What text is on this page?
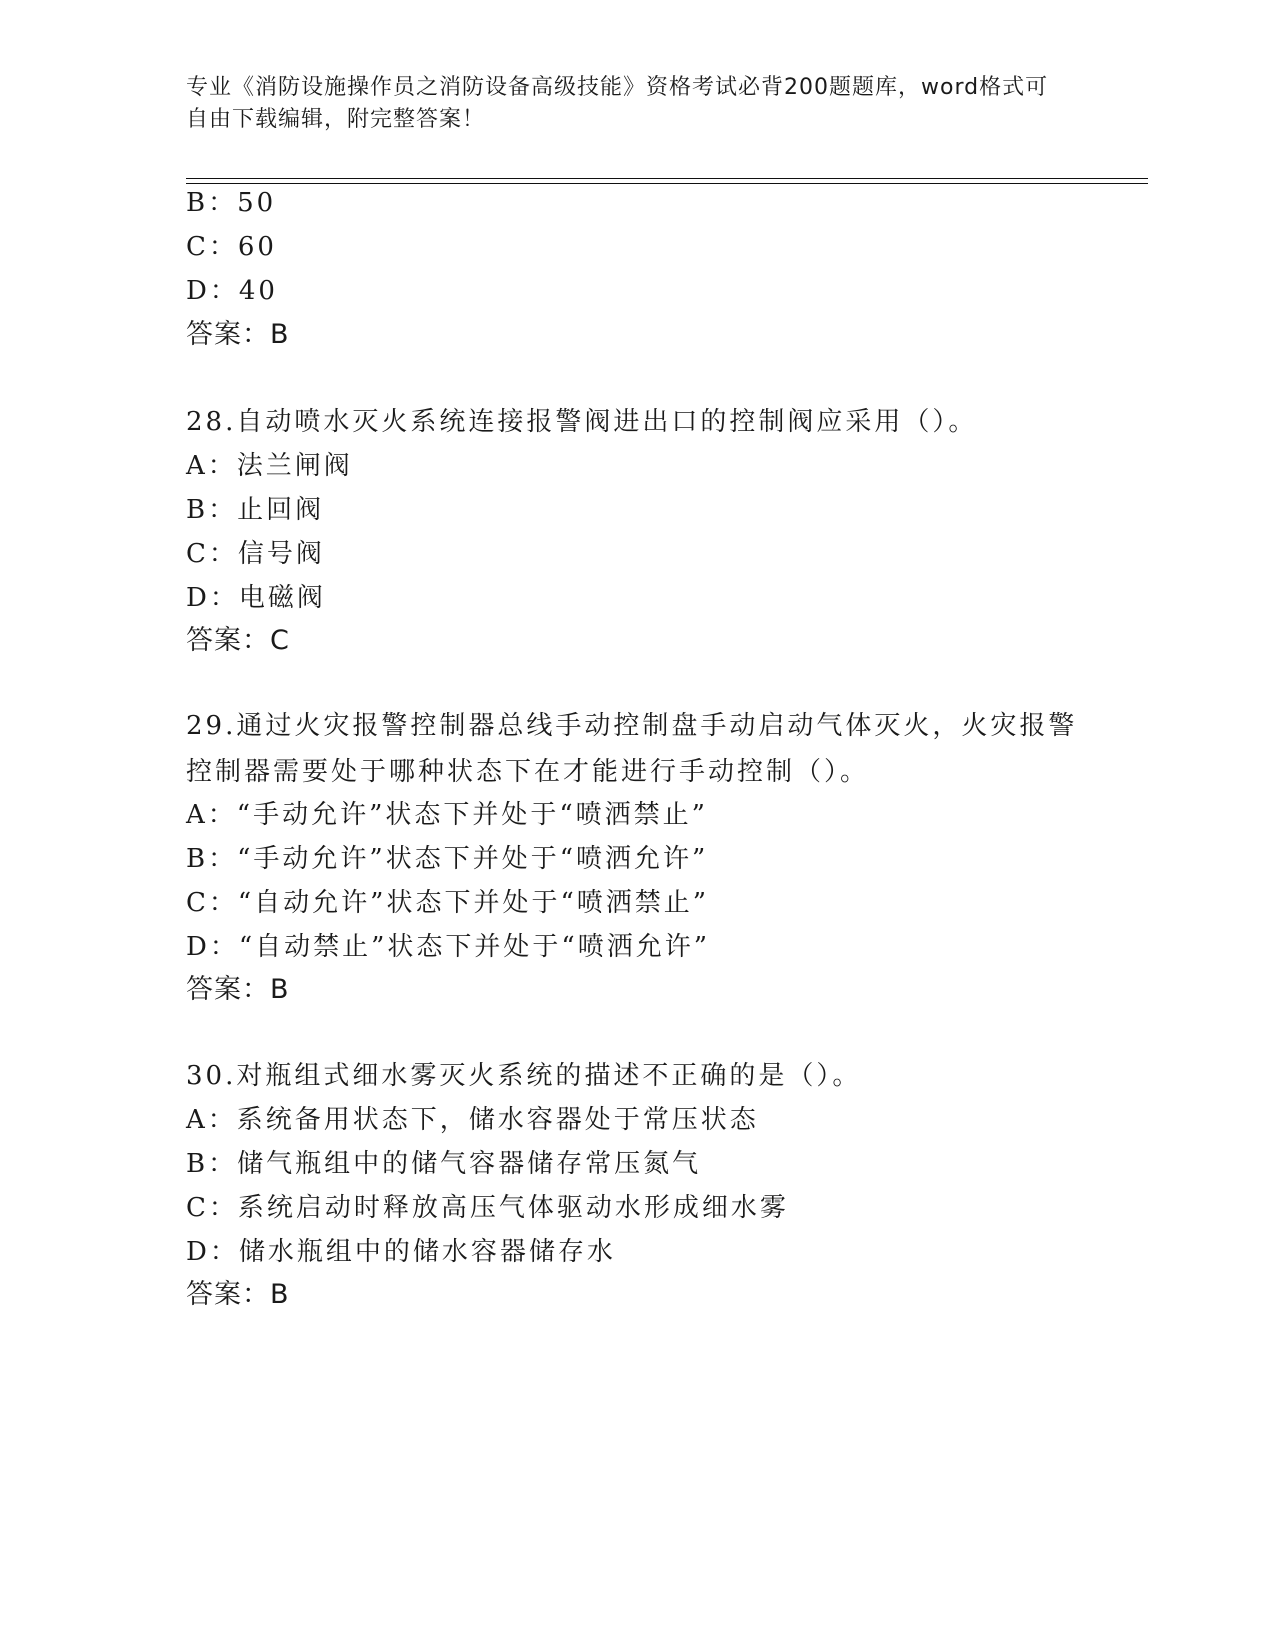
专业《消防设施操作员之消防设备高级技能》资格考试必背200题题库，word格式可自由下载编辑，附完整答案！
B：50
C：60
D：40
答案：B
28.自动喷水灭火系统连接报警阀进出口的控制阀应采用（）。
A：法兰闸阀
B：止回阀
C：信号阀
D：电磁阀
答案：C
29.通过火灾报警控制器总线手动控制盘手动启动气体灭火，火灾报警控制器需要处于哪种状态下在才能进行手动控制（）。
A：“手动允许”状态下并处于“喷洒禁止”
B：“手动允许”状态下并处于“喷洒允许”
C：“自动允许”状态下并处于“喷洒禁止”
D：“自动禁止”状态下并处于“喷洒允许”
答案：B
30.对瓶组式细水雾灭火系统的描述不正确的是（）。
A：系统备用状态下，储水容器处于常压状态
B：储气瓶组中的储气容器储存常压氮气
C：系统启动时释放高压气体驱动水形成细水雾
D：储水瓶组中的储水容器储存水
答案：B
